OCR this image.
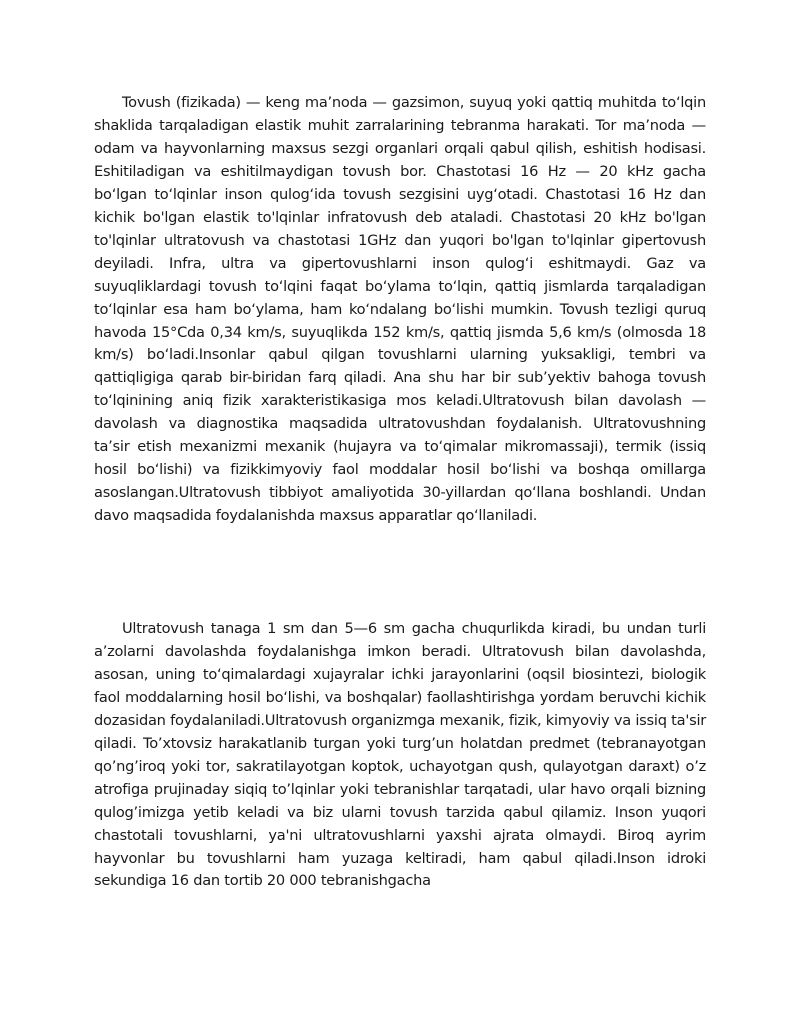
Tovush (fizikada) — keng ma’noda — gazsimon, suyuq yoki qattiq muhitda to‘lqin shaklida tarqaladigan elastik muhit zarralarining tebranma harakati. Tor ma’noda — odam va hayvonlarning maxsus sezgi organlari orqali qabul qilish, eshitish hodisasi. Eshitiladigan va eshitilmaydigan tovush bor. Chastotasi 16 Hz — 20 kHz gacha bo‘lgan to‘lqinlar inson qulog‘ida tovush sezgisini uyg‘otadi. Chastotasi 16 Hz dan kichik bo'lgan elastik to'lqinlar infratovush deb ataladi. Chastotasi 20 kHz bo'lgan to'lqinlar ultratovush va chastotasi 1GHz dan yuqori bo'lgan to'lqinlar gipertovush deyiladi. Infra, ultra va gipertovushlarni inson qulog‘i eshitmaydi. Gaz va suyuqliklardagi tovush to‘lqini faqat bo‘ylama to‘lqin, qattiq jismlarda tarqaladigan to‘lqinlar esa ham bo‘ylama, ham ko‘ndalang bo‘lishi mumkin. Tovush tezligi quruq havoda 15°Cda 0,34 km/s, suyuqlikda 152 km/s, qattiq jismda 5,6 km/s (olmosda 18 km/s) bo‘ladi.Insonlar qabul qilgan tovushlarni ularning yuksakligi, tembri va qattiqligiga qarab bir-biridan farq qiladi. Ana shu har bir sub’yektiv bahoga tovush to‘lqinining aniq fizik xarakteristikasiga mos keladi.Ultratovush bilan davolash — davolash va diagnostika maqsadida ultratovushdan foydalanish. Ultratovushning ta’sir etish mexanizmi mexanik (hujayra va to‘qimalar mikromassaji), termik (issiq hosil bo‘lishi) va fizikkimyoviy faol moddalar hosil bo‘lishi va boshqa omillarga asoslangan.Ultratovush tibbiyot amaliyotida 30-yillardan qo‘llana boshlandi. Undan davo maqsadida foydalanishda maxsus apparatlar qo‘llaniladi.

Ultratovush tanaga 1 sm dan 5—6 sm gacha chuqurlikda kiradi, bu undan turli a’zolarni davolashda foydalanishga imkon beradi. Ultratovush bilan davolashda, asosan, uning to‘qimalardagi xujayralar ichki jarayonlarini (oqsil biosintezi, biologik faol moddalarning hosil bo‘lishi, va boshqalar) faollashtirishga yordam beruvchi kichik dozasidan foydalaniladi.Ultratovush organizmga mexanik, fizik, kimyoviy va issiq ta'sir qiladi. To’xtovsiz harakatlanib turgan yoki turg’un holatdan predmet (tebranayotgan qo’ng’iroq yoki tor, sakratilayotgan koptok, uchayotgan qush, qulayotgan daraxt) o’z atrofiga prujinaday siqiq to’lqinlar yoki tebranishlar tarqatadi, ular havo orqali bizning qulog’imizga yetib keladi va biz ularni tovush tarzida qabul qilamiz. Inson yuqori chastotali tovushlarni, ya'ni ultratovushlarni yaxshi ajrata olmaydi. Biroq ayrim hayvonlar bu tovushlarni ham yuzaga keltiradi, ham qabul qiladi.Inson idroki sekundiga 16 dan tortib 20 000 tebranishgacha
